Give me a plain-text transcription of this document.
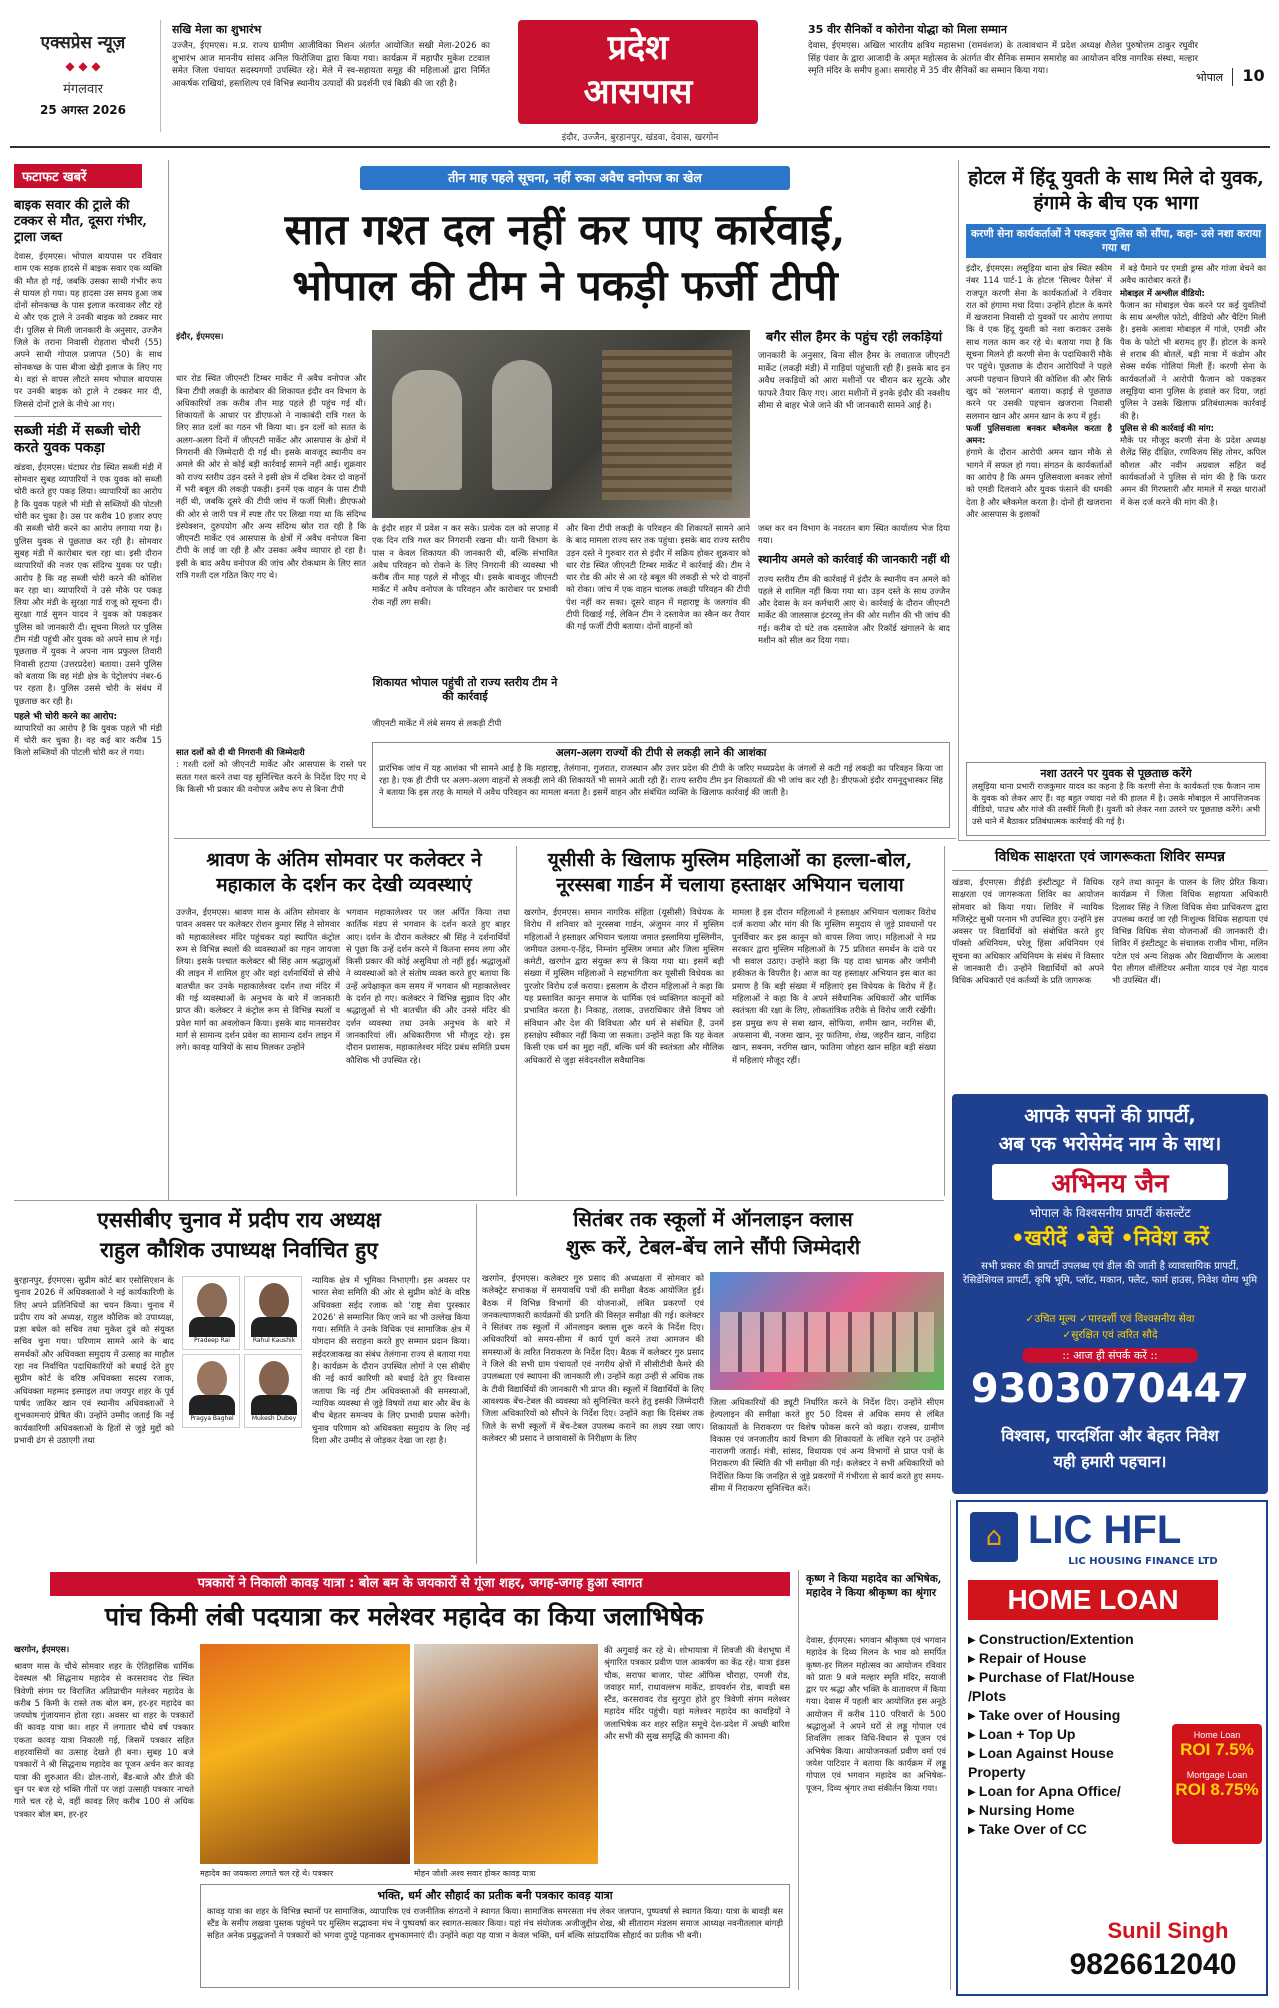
एक्सप्रेस न्यूज़
◆ ◆ ◆
मंगलवार
25 अगस्त 2026
सखि मेला का शुभारंभ
उज्जैन, ईएमएस। म.प्र. राज्य ग्रामीण आजीविका मिशन अंतर्गत आयोजित सखी मेला-2026 का शुभारंभ आज माननीय सांसद अनिल फिरोजिया द्वारा किया गया। कार्यक्रम में महापौर मुकेश टटवाल समेत जिला पंचायत सदस्यगणों उपस्थित रहे। मेले में स्व-सहायता समूह की महिलाओं द्वारा निर्मित आकर्षक राखियां, हस्तशिल्प एवं विभिन्न स्थानीय उत्पादों की प्रदर्शनी एवं बिक्री की जा रही है।
प्रदेश
आसपास
इंदौर, उज्जैन, बुरहानपुर, खंडवा, देवास, खरगोन
35 वीर सैनिकों व कोरोना योद्धा को मिला सम्मान
देवास, ईएमएस। अखिल भारतीय क्षत्रिय महासभा (रामवंशज) के तत्वावधान में प्रदेश अध्यक्ष शैलेश पुरुषोत्तम ठाकुर रघुवीर सिंह पंवार के द्वारा आजादी के अमृत महोत्सव के अंतर्गत वीर सैनिक सम्मान समारोह का आयोजन वरिष्ठ नागरिक संस्था, मल्हार स्मृति मंदिर के समीप हुआ। समारोह में 35 वीर सैनिकों का सम्मान किया गया।	भोपाल 10
फटाफट खबरें
बाइक सवार की ट्राले की टक्कर से मौत, दूसरा गंभीर, ट्राला जब्त
देवास, ईएमएस। भोपाल बायपास पर रविवार शाम एक सड़क हादसे में बाइक सवार एक व्यक्ति की मौत हो गई, जबकि उसका साथी गंभीर रूप से घायल हो गया। यह हादसा उस समय हुआ जब दोनों सोनकच्छ के पास इलाज करवाकर लौट रहे थे और एक ट्राले ने उनकी बाइक को टक्कर मार दी। पुलिस से मिली जानकारी के अनुसार, उज्जैन जिले के तराना निवासी रोहताश चौधरी (55) अपने साथी गोपाल प्रजापत (50) के साथ सोनकच्छ के पास बीजा खेड़ी इलाज के लिए गए थे। वहां से वापस लौटते समय भोपाल बायपास पर उनकी बाइक को ट्राले ने टक्कर मार दी, जिससे दोनों ट्राले के नीचे आ गए।
सब्जी मंडी में सब्जी चोरी करते युवक पकड़ा
खंडवा, ईएमएस। घंटाघर रोड स्थित सब्जी मंडी में सोमवार सुबह व्यापारियों ने एक युवक को सब्जी चोरी करते हुए पकड़ लिया। व्यापारियों का आरोप है कि युवक पहले भी मंडी से सब्जियों की पोटली चोरी कर चुका है। उस पर करीब 10 हजार रुपए की सब्जी चोरी करने का आरोप लगाया गया है। पुलिस युवक से पूछताछ कर रही है। सोमवार सुबह मंडी में कारोबार चल रहा था। इसी दौरान व्यापारियों की नजर एक संदिग्ध युवक पर पड़ी। आरोप है कि वह सब्जी चोरी करने की कोशिश कर रहा था। व्यापारियों ने उसे मौके पर पकड़ लिया और मंडी के सुरक्षा गार्ड राजू को सूचना दी। सुरक्षा गार्ड सुमन यादव ने युवक को पकड़कर पुलिस को जानकारी दी। सूचना मिलते पर पुलिस टीम मंडी पहुंची और युवक को अपने साथ ले गई। पूछताछ में युवक ने अपना नाम प्रफुल्ल तिवारी निवासी हटाया (उत्तरप्रदेश) बताया। उसने पुलिस को बताया कि वह मंडी क्षेत्र के पेट्रोलपंप नंबर-6 पर रहता है। पुलिस उससे चोरी के संबंध में पूछताछ कर रही है।
पहले भी चोरी करने का आरोप:
व्यापारियों का आरोप है कि युवक पहले भी मंडी में चोरी कर चुका है। वह कई बार करीब 15 किलो सब्जियों की पोटली चोरी कर ले गया।
तीन माह पहले सूचना, नहीं रुका अवैध वनोपज का खेल
सात गश्त दल नहीं कर पाए कार्रवाई,
भोपाल की टीम ने पकड़ी फर्जी टीपी
इंदौर, ईएमएस।
धार रोड स्थित जीएनटी टिम्बर मार्केट में अवैध वनोपज और बिना टीपी लकड़ी के कारोबार की शिकायत इंदौर वन विभाग के अधिकारियों तक करीब तीन माह पहले ही पहुंच गई थी। शिकायतों के आधार पर डीएफओ ने नाकाबंदी रात्रि गश्त के लिए सात दलों का गठन भी किया था। इन दलों को सतत के अलग-अलग दिनों में जीएनटी मार्केट और आसपास के क्षेत्रों में निगरानी की जिम्मेदारी दी गई थी। इसके बावजूद स्थानीय वन अमले की ओर से कोई बड़ी कार्रवाई सामने नहीं आई। शुक्रवार को राज्य स्तरीय उड़न दस्ते ने इसी क्षेत्र में दबिश देकर दो वाहनों में भरी बबूल की लकड़ी पकड़ी। इनमें एक वाहन के पास टीपी नहीं थी, जबकि दूसरे की टीपी जांच में फर्जी मिली। डीएफओ की ओर से जारी पत्र में स्पष्ट तौर पर लिखा गया था कि संदिग्ध इंस्पेक्शन, दुरुपयोग और अन्य संदिग्ध स्रोत रात रही है कि जीएनटी मार्केट एवं आसपास के क्षेत्रों में अवैध वनोपज बिना टीपी के लाई जा रही है और उसका अवैध व्यापार हो रहा है। इसी के बाद अवैध वनोपज की जांच और रोकथाम के लिए सात रात्रि गश्ती दल गठित किए गए थे।
के इंदौर शहर में प्रवेश न कर सके। प्रत्येक दल को सप्ताह में एक दिन रात्रि गश्त कर निगरानी रखना थी। यानी विभाग के पास न केवल शिकायत की जानकारी थी, बल्कि संभावित अवैध परिवहन को रोकने के लिए निगरानी की व्यवस्था भी करीब तीन माह पहले से मौजूद थी। इसके बावजूद जीएनटी मार्केट में अवैध वनोपज के परिवहन और कारोबार पर प्रभावी रोक नहीं लग सकी।
और बिना टीपी लकड़ी के परिवहन की शिकायतें सामने आने के बाद मामला राज्य स्तर तक पहुंचा। इसके बाद राज्य स्तरीय उड़न दस्ते ने गुरुवार रात से इंदौर में सक्रिय होकर शुक्रवार को धार रोड स्थित जीएनटी टिम्बर मार्केट में कार्रवाई की। टीम ने धार रोड की ओर से आ रहे बबूल की लकड़ी से भरे दो वाहनों को रोका। जांच में एक वाहन चालक लकड़ी परिवहन की टीपी पेश नहीं कर सका। दूसरे वाहन में महाराष्ट्र के जलगांव की टीपी दिखाई गई, लेकिन टीम ने दस्तावेज का स्कैन कर तैयार की गई फर्जी टीपी बताया। दोनों वाहनों को
शिकायत भोपाल पहुंची तो राज्य स्तरीय टीम ने की कार्रवाई
जीएनटी मार्केट में लंबे समय से लकड़ी टीपी
बगैर सील हैमर के पहुंच रही लकड़ियां
जानकारी के अनुसार, बिना सील हैमर के लवाताज जीएनटी मार्केट (लकड़ी मंडी) में गाड़ियां पहुंचाती रही हैं। इसके बाद इन अवैध लकड़ियों को आरा मशीनों पर चीरान कर सुटके और फाफरे तैयार किए गए। आरा मशीनों में इनके इंदौर की नक्शीय सीमा से बाहर भेजे जाने की भी जानकारी सामने आई है।
जब्त कर वन विभाग के नवरतन बाग स्थित कार्यालय भेज दिया गया।
स्थानीय अमले को कार्रवाई की जानकारी नहीं थी
राज्य स्तरीय टीम की कार्रवाई में इंदौर के स्थानीय वन अमले को पहले से शामिल नहीं किया गया था। उड़न दस्ते के साथ उज्जैन और देवास के वन कर्मचारी आए थे। कार्रवाई के दौरान जीएनटी मार्केट की जालसाज इंटरव्यू लेन की ओर मशीन की भी जांच की गई। करीब दो घंटे तक दस्तावेज और रिकॉर्ड खंगालने के बाद मशीन को सील कर दिया गया।
अलग-अलग राज्यों की टीपी से लकड़ी लाने की आशंका
प्रारंभिक जांच में यह आशंका भी सामने आई है कि महाराष्ट्र, तेलंगाना, गुजरात, राजस्थान और उत्तर प्रदेश की टीपी के जरिए मध्यप्रदेश के जंगलों से कटी गई लकड़ी का परिवहन किया जा रहा है। एक ही टीपी पर अलग-अलग वाहनों से लकड़ी लाने की शिकायतें भी सामने आती रही हैं। राज्य स्तरीय टीम इन शिकायतों की भी जांच कर रही है। डीएफओ इंदौर रामनूदुभास्कर सिंह ने बताया कि इस तरह के मामले में अवैध परिवहन का मामला बनता है। इसमें वाहन और संबंधित व्यक्ति के खिलाफ कार्रवाई की जाती है।
सात दलों को दी थी निगरानी की जिम्मेदारी
: गश्ती दलों को जीएनटी मार्केट और आसपास के रास्ते पर सतत गश्त करने तथा यह सुनिश्चित करने के निर्देश दिए गए थे कि किसी भी प्रकार की वनोपज अवैध रूप से बिना टीपी
होटल में हिंदू युवती के साथ मिले दो युवक, हंगामे के बीच एक भागा
करणी सेना कार्यकर्ताओं ने पकड़कर पुलिस को सौंपा, कहा- उसे नशा कराया गया था
इंदौर, ईएमएस। लसूड़िया थाना क्षेत्र स्थित स्कीम नंबर 114 पार्ट-1 के होटल 'सिल्वर पैलेस' में राजपूत करणी सेना के कार्यकर्ताओं ने रविवार रात को हंगामा मचा दिया। उन्होंने होटल के कमरे में खजराना निवासी दो युवकों पर आरोप लगाया कि वे एक हिंदू युवती को नशा कराकर उसके साथ गलत काम कर रहे थे। बताया गया है कि सूचना मिलने ही करणी सेना के पदाधिकारी मौके पर पहुंचे। पूछताछ के दौरान आरोपियों ने पहले अपनी पहचान छिपाने की कोशिश की और सिर्फ खुद को 'सलमान' बताया। कड़ाई से पूछताछ करने पर उसकी पहचान खजराना निवासी सलमान खान और अमन खान के रूप में हुई।
फर्जी पुलिसवाला बनकर ब्लैकमेल करता है अमन:
हंगामे के दौरान आरोपी अमन खान मौके से भागने में सफल हो गया। संगठन के कार्यकर्ताओं का आरोप है कि अमन पुलिसवाला बनकर लोगों को एमडी दिलवाने और युवक फंसाने की धमकी देता है और ब्लैकमेल करता है। दोनों ही खजराना और आसपास के इलाकों
में बड़े पैमाने पर एमडी ड्रग्स और गांजा बेचने का अवैध कारोबार करते हैं।
मोबाइल में अश्लील वीडियो:
फैजान का मोबाइल चेक करने पर कई युवतियों के साथ अश्लील फोटो, वीडियो और चैटिंग मिली है। इसके अलावा मोबाइल में गांजे, एमडी और पैक के फोटो भी बरामद हुए हैं। होटल के कमरे से शराब की बोतलें, बड़ी मात्रा में कंडोम और सेक्स वर्धक गोलियां मिली हैं। करणी सेना के कार्यकर्ताओं ने आरोपी फैजान को पकड़कर लसूड़िया थाना पुलिस के हवाले कर दिया, जहां पुलिस ने उसके खिलाफ प्रतिबंधात्मक कार्रवाई की है।
पुलिस से की कार्रवाई की मांग:
मौके पर मौजूद करणी सेना के प्रदेश अध्यक्ष शैलेंद्र सिंह दीक्षित, रणविजय सिंह तोमर, कपिल कौशल और नवीन अग्रवाल सहित कई कार्यकर्ताओं ने पुलिस से मांग की है कि फरार अमन की गिरफ्तारी और मामले में सख्त धाराओं में केस दर्ज करने की मांग की है।
नशा उतरने पर युवक से पूछताछ करेंगे
लसूड़िया थाना प्रभारी राजकुमार यादव का कहना है कि करणी सेना के कार्यकर्ता एक फैजान नाम के युवक को लेकर आए हैं। वह बहुत ज्यादा नशे की हालत में है। उसके मोबाइल में आपत्तिजनक वीडियो, पाउच और गांजे की तस्वीरें मिली हैं। युवती को लेकर नशा उतरने पर पूछताछ करेंगे। अभी उसे थाने में बैठाकर प्रतिबंधात्मक कार्रवाई की गई है।
श्रावण के अंतिम सोमवार पर कलेक्टर ने महाकाल के दर्शन कर देखी व्यवस्थाएं
उज्जैन, ईएमएस। श्रावण मास के अंतिम सोमवार के पावन अवसर पर कलेक्टर रोशन कुमार सिंह ने सोमवार को महाकालेश्वर मंदिर पहुंचकर यहां स्थापित कंट्रोल रूम से विभिन्न स्थलों की व्यवस्थाओं का गहन जायजा लिया। इसके पश्चात कलेक्टर श्री सिंह आम श्रद्धालुओं की लाइन में शामिल हुए और वहां दर्शनार्थियों से सीधे बातचीत कर उनके महाकालेश्वर दर्शन तथा मंदिर में की गई व्यवस्थाओं के अनुभव के बारे में जानकारी प्राप्त की। कलेक्टर ने कंट्रोल रूम से विभिन्न स्थलों व प्रवेश मार्ग का अवलोकन किया। इसके बाद मानसरोवर मार्ग से सामान्य दर्शन प्रवेश का सामान्य दर्शन लाइन में लगे। कावड़ यात्रियों के साथ मिलकर उन्होंने
भगवान महाकालेश्वर पर जल अर्पित किया तथा कार्तिक मंडप से भगवान के दर्शन करते हुए बाहर आए। दर्शन के दौरान कलेक्टर श्री सिंह ने दर्शनार्थियों से पूछा कि उन्हें दर्शन करने में कितना समय लगा और किसी प्रकार की कोई असुविधा तो नहीं हुई। श्रद्धालुओं ने व्यवस्थाओं को ले संतोष व्यक्त करते हुए बताया कि उन्हें अपेक्षाकृत कम समय में भगवान श्री महाकालेश्वर के दर्शन हो गए। कलेक्टर ने विभिन्न सुझाव दिए और श्रद्धालुओं से भी बातचीत की और उनसे मंदिर की दर्शन व्यवस्था तथा उनके अनुभव के बारे में जानकारियां लीं। अधिकारीगण भी मौजूद रहे। इस दौरान प्रशासक, महाकालेश्वर मंदिर प्रबंध समिति प्रथम कौशिक भी उपस्थित रहे।
यूसीसी के खिलाफ मुस्लिम महिलाओं का हल्ला-बोल, नूरस्सबा गार्डन में चलाया हस्ताक्षर अभियान चलाया
खरगोन, ईएमएस। समान नागरिक संहिता (यूसीसी) विधेयक के विरोध में शनिवार को नूरस्सबा गार्डन, अंजुमन नगर में मुस्लिम महिलाओं ने हस्ताक्षर अभियान चलाया जमात इस्लामिया मुस्लिमीन, जमीयत उलमा-ए-हिंद, निम्नांग मुस्लिम जमात और जिला मुस्लिम कमेटी, खरगोन द्वारा संयुक्त रूप से किया गया था। इसमें बड़ी संख्या में मुस्लिम महिलाओं ने सहभागिता कर यूसीसी विधेयक का पुरजोर विरोध दर्ज कराया। इसलाम के दौरान महिलाओं ने कहा कि यह प्रस्तावित कानून समाज के धार्मिक एवं व्यक्तिगत कानूनों को प्रभावित करता है। निकाह, तलाक, उत्तराधिकार जैसे विषय जो संविधान और देश की विविधता और धर्म से संबंधित हैं, उनमें हस्तक्षेप स्वीकार नहीं किया जा सकता। उन्होंने कहा कि यह केवल किसी एक धर्म का मुद्दा नहीं, बल्कि धर्म की स्वतंत्रता और मौलिक अधिकारों से जुड़ा संवेदनशील सवैधानिक
मामला है इस दौरान महिलाओं ने हस्ताक्षर अभियान चलाकर विरोध दर्ज कराया और मांग की कि मुस्लिम समुदाय से जुड़े प्रावधानों पर पुनर्विचार कर इस कानून को वापस लिया जाए। महिलाओं ने मप्र सरकार द्वारा मुस्लिम महिलाओं के 75 प्रतिशत समर्थन के दावे पर भी सवाल उठाए। उन्होंने कहा कि यह दावा भ्रामक और जमीनी हकीकत के विपरीत है। आज का यह हस्ताक्षर अभियान इस बात का प्रमाण है कि बड़ी संख्या में महिलाएं इस विधेयक के विरोध में हैं। महिलाओं ने कहा कि वे अपने संवैधानिक अधिकारों और धार्मिक स्वतंत्रता की रक्षा के लिए, लोकतांत्रिक तरीके से विरोध जारी रखेंगी। इस प्रमुख रूप से सबा खान, सोफिया, शमीम खान, नरगिस बी, अफसाना बी, नजमा खान, नूर फातिमा, शेख, जहरीन खान, नाहिदा खान, सबनम, नरगिस खान, फातिमा जोहरा खान सहित बड़ी संख्या में महिलाएं मौजूद रहीं।
विधिक साक्षरता एवं जागरूकता शिविर सम्पन्न
खंडवा, ईएमएस। डीईडी इंस्टीट्यूट में विधिक साक्षरता एवं जागरूकता शिविर का आयोजन सोमवार को किया गया। शिविर में न्यायिक मजिस्ट्रेट सुश्री परनाम भी उपस्थित हुए। उन्होंने इस अवसर पर विद्यार्थियों को संबोधित करते हुए पॉक्सो अधिनियम, घरेलू हिंसा अधिनियम एवं सूचना का अधिकार अधिनियम के संबंध में विस्तार से जानकारी दी। उन्होंने विद्यार्थियों को अपने विधिक अधिकारों एवं कर्तव्यों के प्रति जागरूक
रहने तथा कानून के पालन के लिए प्रेरित किया। कार्यक्रम में जिला विधिक सहायता अधिकारी दिलावर सिंह ने जिला विधिक सेवा प्राधिकरण द्वारा उपलब्ध कराई जा रही निःशुल्क विधिक सहायता एवं विभिन्न विधिक सेवा योजनाओं की जानकारी दी। शिविर में इंस्टीट्यूट के संचालक राजीव भीमा, मलिन पटेल एवं अन्य शिक्षक और विद्यार्थीगण के अलावा पैरा लीगल वॉलेंटियर अनीता यादव एवं नेहा यादव भी उपस्थित थीं।
आपके सपनों की प्रापर्टी,
अब एक भरोसेमंद नाम के साथ।
अभिनय जैन
भोपाल के विश्वसनीय प्रापर्टी कंसल्टेंट
•खरीदें •बेचें •निवेश करें
सभी प्रकार की प्रापर्टी उपलब्ध एवं डील की जाती है व्यावसायिक प्रापर्टी, रेसिडेंशियल प्रापर्टी, कृषि भूमि, प्लॉट, मकान, फ्लैट, फार्म हाउस, निवेश योग्य भूमि
✓उचित मूल्य ✓पारदर्शी एवं विश्वसनीय सेवा
✓सुरक्षित एवं त्वरित सौदे
:: आज ही संपर्क करें ::
9303070447
विश्वास, पारदर्शिता और बेहतर निवेश
यही हमारी पहचान।
एससीबीए चुनाव में प्रदीप राय अध्यक्ष
राहुल कौशिक उपाध्यक्ष निर्वाचित हुए
बुरहानपुर, ईएमएस। सुप्रीम कोर्ट बार एसोसिएशन के चुनाव 2026 में अधिवक्ताओं ने नई कार्यकारिणी के लिए अपने प्रतिनिधियों का चयन किया। चुनाव में प्रदीप राय को अध्यक्ष, राहुल कौशिक को उपाध्यक्ष, प्रज्ञा बघेल को सचिव तथा मुकेश दुबे को संयुक्त सचिव चुना गया। परिणाम सामने आने के बाद समर्थकों और अधिवक्ता समुदाय में उत्साह का माहौल रहा नव निर्वाचित पदाधिकारियों को बधाई देते हुए सुप्रीम कोर्ट के वरिष्ठ अधिवक्ता सदस्य रजाक, अधिवक्ता महम्मद इस्माइल तथा जयपुर शहर के पूर्व पार्षद जाकिर खान एवं स्थानीय अधिवक्ताओं ने शुभकामनाएं प्रेषित की। उन्होंने उम्मीद जताई कि नई कार्यकारिणी अधिवक्ताओं के हितों से जुड़े मुद्दों को प्रभावी ढंग से उठाएगी तथा
Pradeep Rai	Rahul Kaushik
Pragya Baghel	Mukesh Dubey
न्यायिक क्षेत्र में भूमिका निभाएगी। इस अवसर पर भारत सेवा समिति की ओर से सुप्रीम कोर्ट के वरिष्ठ अधिवक्ता सईद रजाक को 'राष्ट्र सेवा पुरस्कार 2026' से सम्मानित किए जाने का भी उल्लेख किया गया। समिति ने उनके विधिक एवं सामाजिक क्षेत्र में योगदान की सराहना करते हुए सम्मान प्रदान किया। सईदरजाकख का संबंध तेलंगाना राज्य से बताया गया है। कार्यक्रम के दौरान उपस्थित लोगों ने एस सीबीए की नई कार्य कारिणी को बधाई देते हुए विश्वास जताया कि नई टीम अधिवक्ताओं की समस्याओं, न्यायिक व्यवस्था से जुड़े विषयों तथा बार और बेंच के बीच बेहतर समन्वय के लिए प्रभावी प्रयास करेगी। चुनाव परिणाम को अधिवक्ता समुदाय के लिए नई दिशा और उम्मीद से जोड़कर देखा जा रहा है।
सितंबर तक स्कूलों में ऑनलाइन क्लास
शुरू करें, टेबल-बेंच लाने सौंपी जिम्मेदारी
खरगोन, ईएमएस। कलेक्टर गुरु प्रसाद की अध्यक्षता में सोमवार को कलेक्ट्रेट सभाकक्ष में समयावधि पत्रों की समीक्षा बैठक आयोजित हुई। बैठक में विभिन्न विभागों की योजनाओं, लंबित प्रकरणों एवं जनकल्याणकारी कार्यक्रमों की प्रगति की विस्तृत समीक्षा की गई। कलेक्टर ने सितंबर तक स्कूलों में ऑनलाइन क्लास शुरू करने के निर्देश दिए। अधिकारियों को समय-सीमा में कार्य पूर्ण करने तथा आमजन की समस्याओं के त्वरित निराकरण के निर्देश दिए। बैठक में कलेक्टर गुरु प्रसाद ने जिले की सभी ग्राम पंचायतों एवं नगरीय क्षेत्रों में सीसीटीवी कैमरे की उपलब्धता एवं स्थापना की जानकारी ली। उन्होंने कहा उन्हीं से अधिक तक के टीवी विद्यार्थियों की जानकारी भी प्राप्त की। स्कूलों में विद्यार्थियों के लिए आवश्यक बेंच-टेबल की व्यवस्था को सुनिश्चित करने हेतु इसकी जिम्मेदारी जिला अधिकारियों को सौंपने के निर्देश दिए। उन्होंने कहा कि दिसंबर तक जिले के सभी स्कूलों में बेंच-टेबल उपलब्ध कराने का लक्ष्य रखा जाए। कलेक्टर श्री प्रसाद ने छात्रावासों के निरीक्षण के लिए
जिला अधिकारियों की ड्यूटी निर्धारित करने के निर्देश दिए। उन्होंने सीएम हेल्पलाइन की समीक्षा करते हुए 50 दिवस से अधिक समय से लंबित शिकायतों के निराकरण पर विशेष फोकस करने को कहा। राजस्व, ग्रामीण विकास एवं जनजातीय कार्य विभाग की शिकायतों के लंबित रहने पर उन्होंने नाराजगी जताई। मंत्री, सांसद, विधायक एवं अन्य विभागों से प्राप्त पत्रों के निराकरण की स्थिति की भी समीक्षा की गई। कलेक्टर ने सभी अधिकारियों को निर्देशित किया कि जनहित से जुड़े प्रकरणों में गंभीरता से कार्य करते हुए समय-सीमा में निराकरण सुनिश्चित करें।
पत्रकारों ने निकाली कावड़ यात्रा : बोल बम के जयकारों से गूंजा शहर, जगह-जगह हुआ स्वागत
पांच किमी लंबी पदयात्रा कर मलेश्वर महादेव का किया जलाभिषेक
खरगोन, ईएमएस।
श्रावण मास के चौथे सोमवार शहर के ऐतिहासिक धार्मिक देवस्थल श्री सिद्धनाथ महादेव से करसरावद रोड स्थित त्रिवेणी संगम पर विराजित अतिप्राचीन मलेश्वर महादेव के करीब 5 किमी के रास्ते तक बोल बम, हर-हर महादेव का जयघोष गुंजायमान होता रहा। अवसर था शहर के पत्रकारों की कावड़ यात्रा का। शहर में लगातार चौथे वर्ष पत्रकार एकता कावड़ यात्रा निकाली गई, जिसमें पत्रकार सहित शहरवासियों का उत्साह देखते ही बना। सुबह 10 बजे पत्रकारों ने श्री सिद्धनाथ महादेव का पूजन अर्चन कर कावड़ यात्रा की शुरुआत की। ढोल-ताशे, बैंड-बाजे और डीजे की धुन पर बज रहे भक्ति गीतों पर जहां उत्साही पत्रकार नाचते गाते चल रहे थे, वहीं कावड़ लिए करीब 100 से अधिक पत्रकार बोल बम, हर-हर
महादेव का जयकारा लगाते चल रहे थे। पत्रकार	मोहन जोशी अश्व सवार होकर कावड़ यात्रा
की अगुवाई कर रहे थे। शोभायात्रा में शिवजी की वेशभूषा में श्रृंगारित पत्रकार प्रवीण पाल आकर्षण का केंद्र रहे। यात्रा इंडस चौक, सराफा बाजार, पोस्ट ऑफिस चौराहा, एमजी रोड, जवाहर मार्ग, राधावल्लभ मार्केट, डायवर्शन रोड, बावड़ी बस स्टैंड, करसरावद रोड सुरपुरा होते हुए त्रिवेणी संगम मलेश्वर महादेव मंदिर पहुंची। यहां मलेश्वर महादेव का कावड़ियों ने जलाभिषेक कर शहर सहित समूचे देश-प्रदेश में अच्छी बारिश और सभी की सुख समृद्धि की कामना की।
भक्ति, धर्म और सौहार्द का प्रतीक बनी पत्रकार कावड़ यात्रा
कावड़ यात्रा का शहर के विभिन्न स्थानों पर सामाजिक, व्यापारिक एवं राजनीतिक संगठनों ने स्वागत किया। सामाजिक समरसता मंच लेकर जलपान, पुष्पवर्षा से स्वागत किया। यात्रा के बावड़ी बस स्टैंड के समीप लखवा पुस्तक पहुंचने पर मुस्लिम सद्भावना मंच ने पुष्पवर्षा कर स्वागत-सत्कार किया। यहां मंच संयोजक अजीजुद्दीन शेख, श्री सीताराम मंडलम समाज आध्यक्ष नवनीतलाल बांगड़ी सहित अनेक प्रबुद्धजनों ने पत्रकारों को भगवा दुपट्टे पहनाकर शुभकामनाएं दी। उन्होंने कहा यह यात्रा न केवल भक्ति, धर्म बल्कि सांप्रदायिक सौहार्द का प्रतीक भी बनी।
कृष्ण ने किया महादेव का अभिषेक, महादेव ने किया श्रीकृष्ण का श्रृंगार
देवास, ईएमएस। भगवान श्रीकृष्ण एवं भगवान महादेव के दिव्य मिलन के भाव को समर्पित कृष्ण-हर मिलन महोत्सव का आयोजन रविवार को प्रातः 9 बजे मल्हार स्मृति मंदिर, सयाजी द्वार पर श्रद्धा और भक्ति के वातावरण में किया गया। देवास में पहली बार आयोजित इस अनूठे आयोजन में करीब 110 परिवारों के 500 श्रद्धालुओं ने अपने घरों से लड्डू गोपाल एवं शिवलिंग लाकर विधि-विधान से पूजन एवं अभिषेक किया। आयोजनकर्ता प्रवीण वर्मा एवं जयेश पाटिदार ने बताया कि कार्यक्रम में लड्डू गोपाल एवं भगवान महादेव का अभिषेक-पूजन, दिव्य श्रृंगार तथा संकीर्तन किया गया।
⌂ LIC HFL
LIC HOUSING FINANCE LTD
HOME LOAN
▸ Construction/Extention
▸ Repair of House
▸ Purchase of Flat/House /Plots
▸ Take over of Housing
▸ Loan + Top Up
▸ Loan Against House Property
▸ Loan for Apna Office/
▸ Nursing Home
▸ Take Over of CC
Home Loan
ROI 7.5%
Mortgage Loan
ROI 8.75%
Sunil Singh
9826612040
